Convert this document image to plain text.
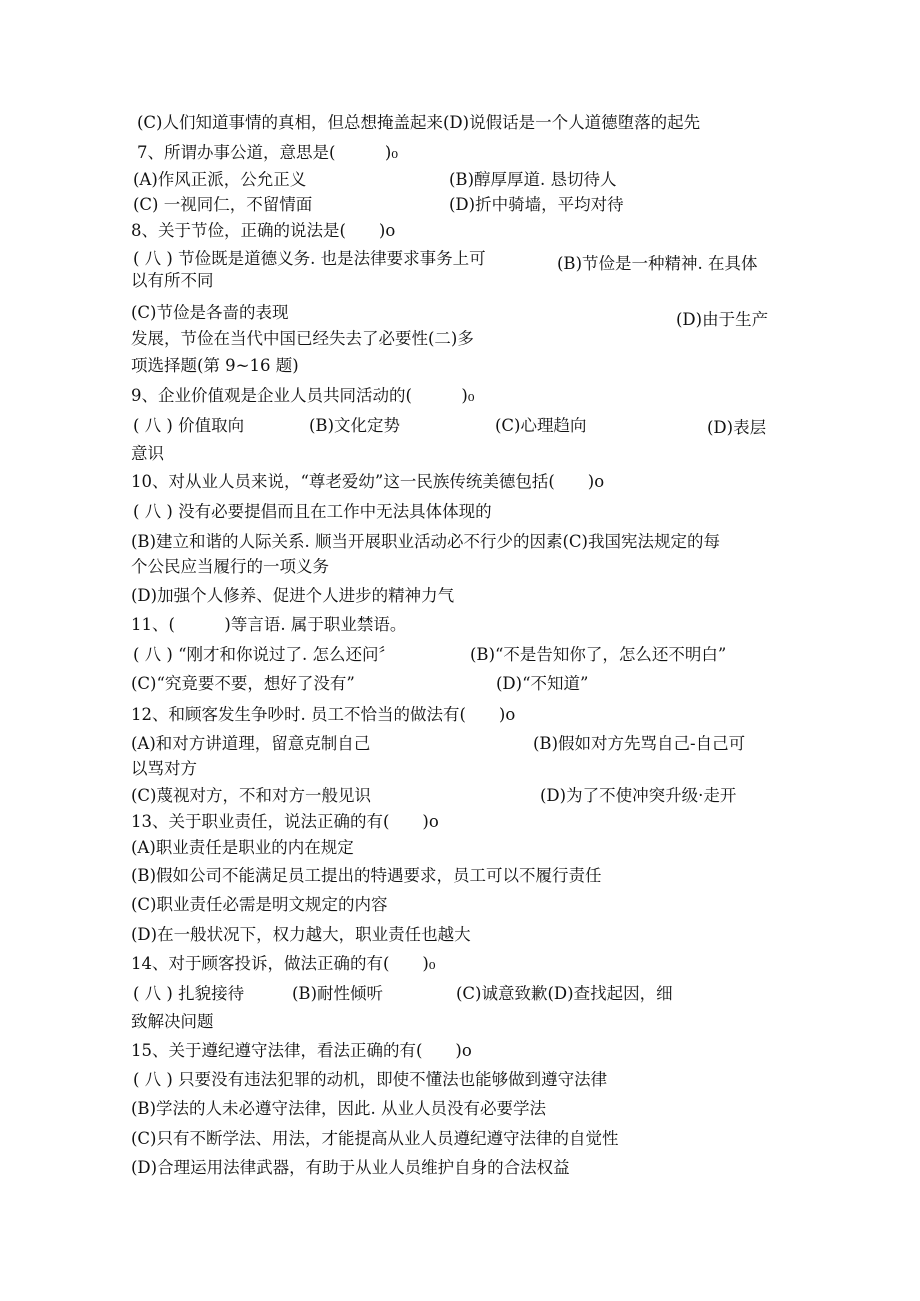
(C)人们知道事情的真相，但总想掩盖起来(D)说假话是一个人道德堕落的起先
7、所谓办事公道，意思是(　　　)₀
(A)作风正派，公允正义	(B)醇厚厚道. 恳切待人
(C) 一视同仁，不留情面	(D)折中骑墙，平均对待
8、关于节俭，正确的说法是(　　)o
( 八 ) 节俭既是道德义务. 也是法律要求事务上可	(B)节俭是一种精神. 在具体
以有所不同
(C)节俭是各啬的表现	(D)由于生产
发展，节俭在当代中国已经失去了必要性(二)多
项选择题(第 9~16 题)
9、企业价值观是企业人员共同活动的(　　　)₀
( 八 ) 价值取向	(B)文化定势	(C)心理趋向	(D)表层
意识
10、对从业人员来说，“尊老爱幼”这一民族传统美德包括(　　)o
( 八 ) 没有必要提倡而且在工作中无法具体体现的
(B)建立和谐的人际关系. 顺当开展职业活动必不行少的因素(C)我国宪法规定的每
个公民应当履行的一项义务
(D)加强个人修养、促进个人进步的精神力气
11、(　　　)等言语. 属于职业禁语。
( 八 ) “刚才和你说过了. 怎么还问〞	(B)“不是告知你了，怎么还不明白”
(C)“究竟要不要，想好了没有”	(D)“不知道”
12、和顾客发生争吵时. 员工不恰当的做法有(　　)o
(A)和对方讲道理，留意克制自己	(B)假如对方先骂自己-自己可
以骂对方
(C)蔑视对方，不和对方一般见识	(D)为了不使冲突升级·走开
13、关于职业责任，说法正确的有(　　)o
(A)职业责任是职业的内在规定
(B)假如公司不能满足员工提出的特遇要求，员工可以不履行责任
(C)职业责任必需是明文规定的内容
(D)在一般状况下，权力越大，职业责任也越大
14、对于顾客投诉，做法正确的有(　　)₀
( 八 ) 扎貌接待	(B)耐性倾听	(C)诚意致歉(D)查找起因，细
致解决问题
15、关于遵纪遵守法律，看法正确的有(　　)o
( 八 ) 只要没有违法犯罪的动机，即使不懂法也能够做到遵守法律
(B)学法的人未必遵守法律，因此. 从业人员没有必要学法
(C)只有不断学法、用法，才能提高从业人员遵纪遵守法律的自觉性
(D)合理运用法律武器，有助于从业人员维护自身的合法权益
